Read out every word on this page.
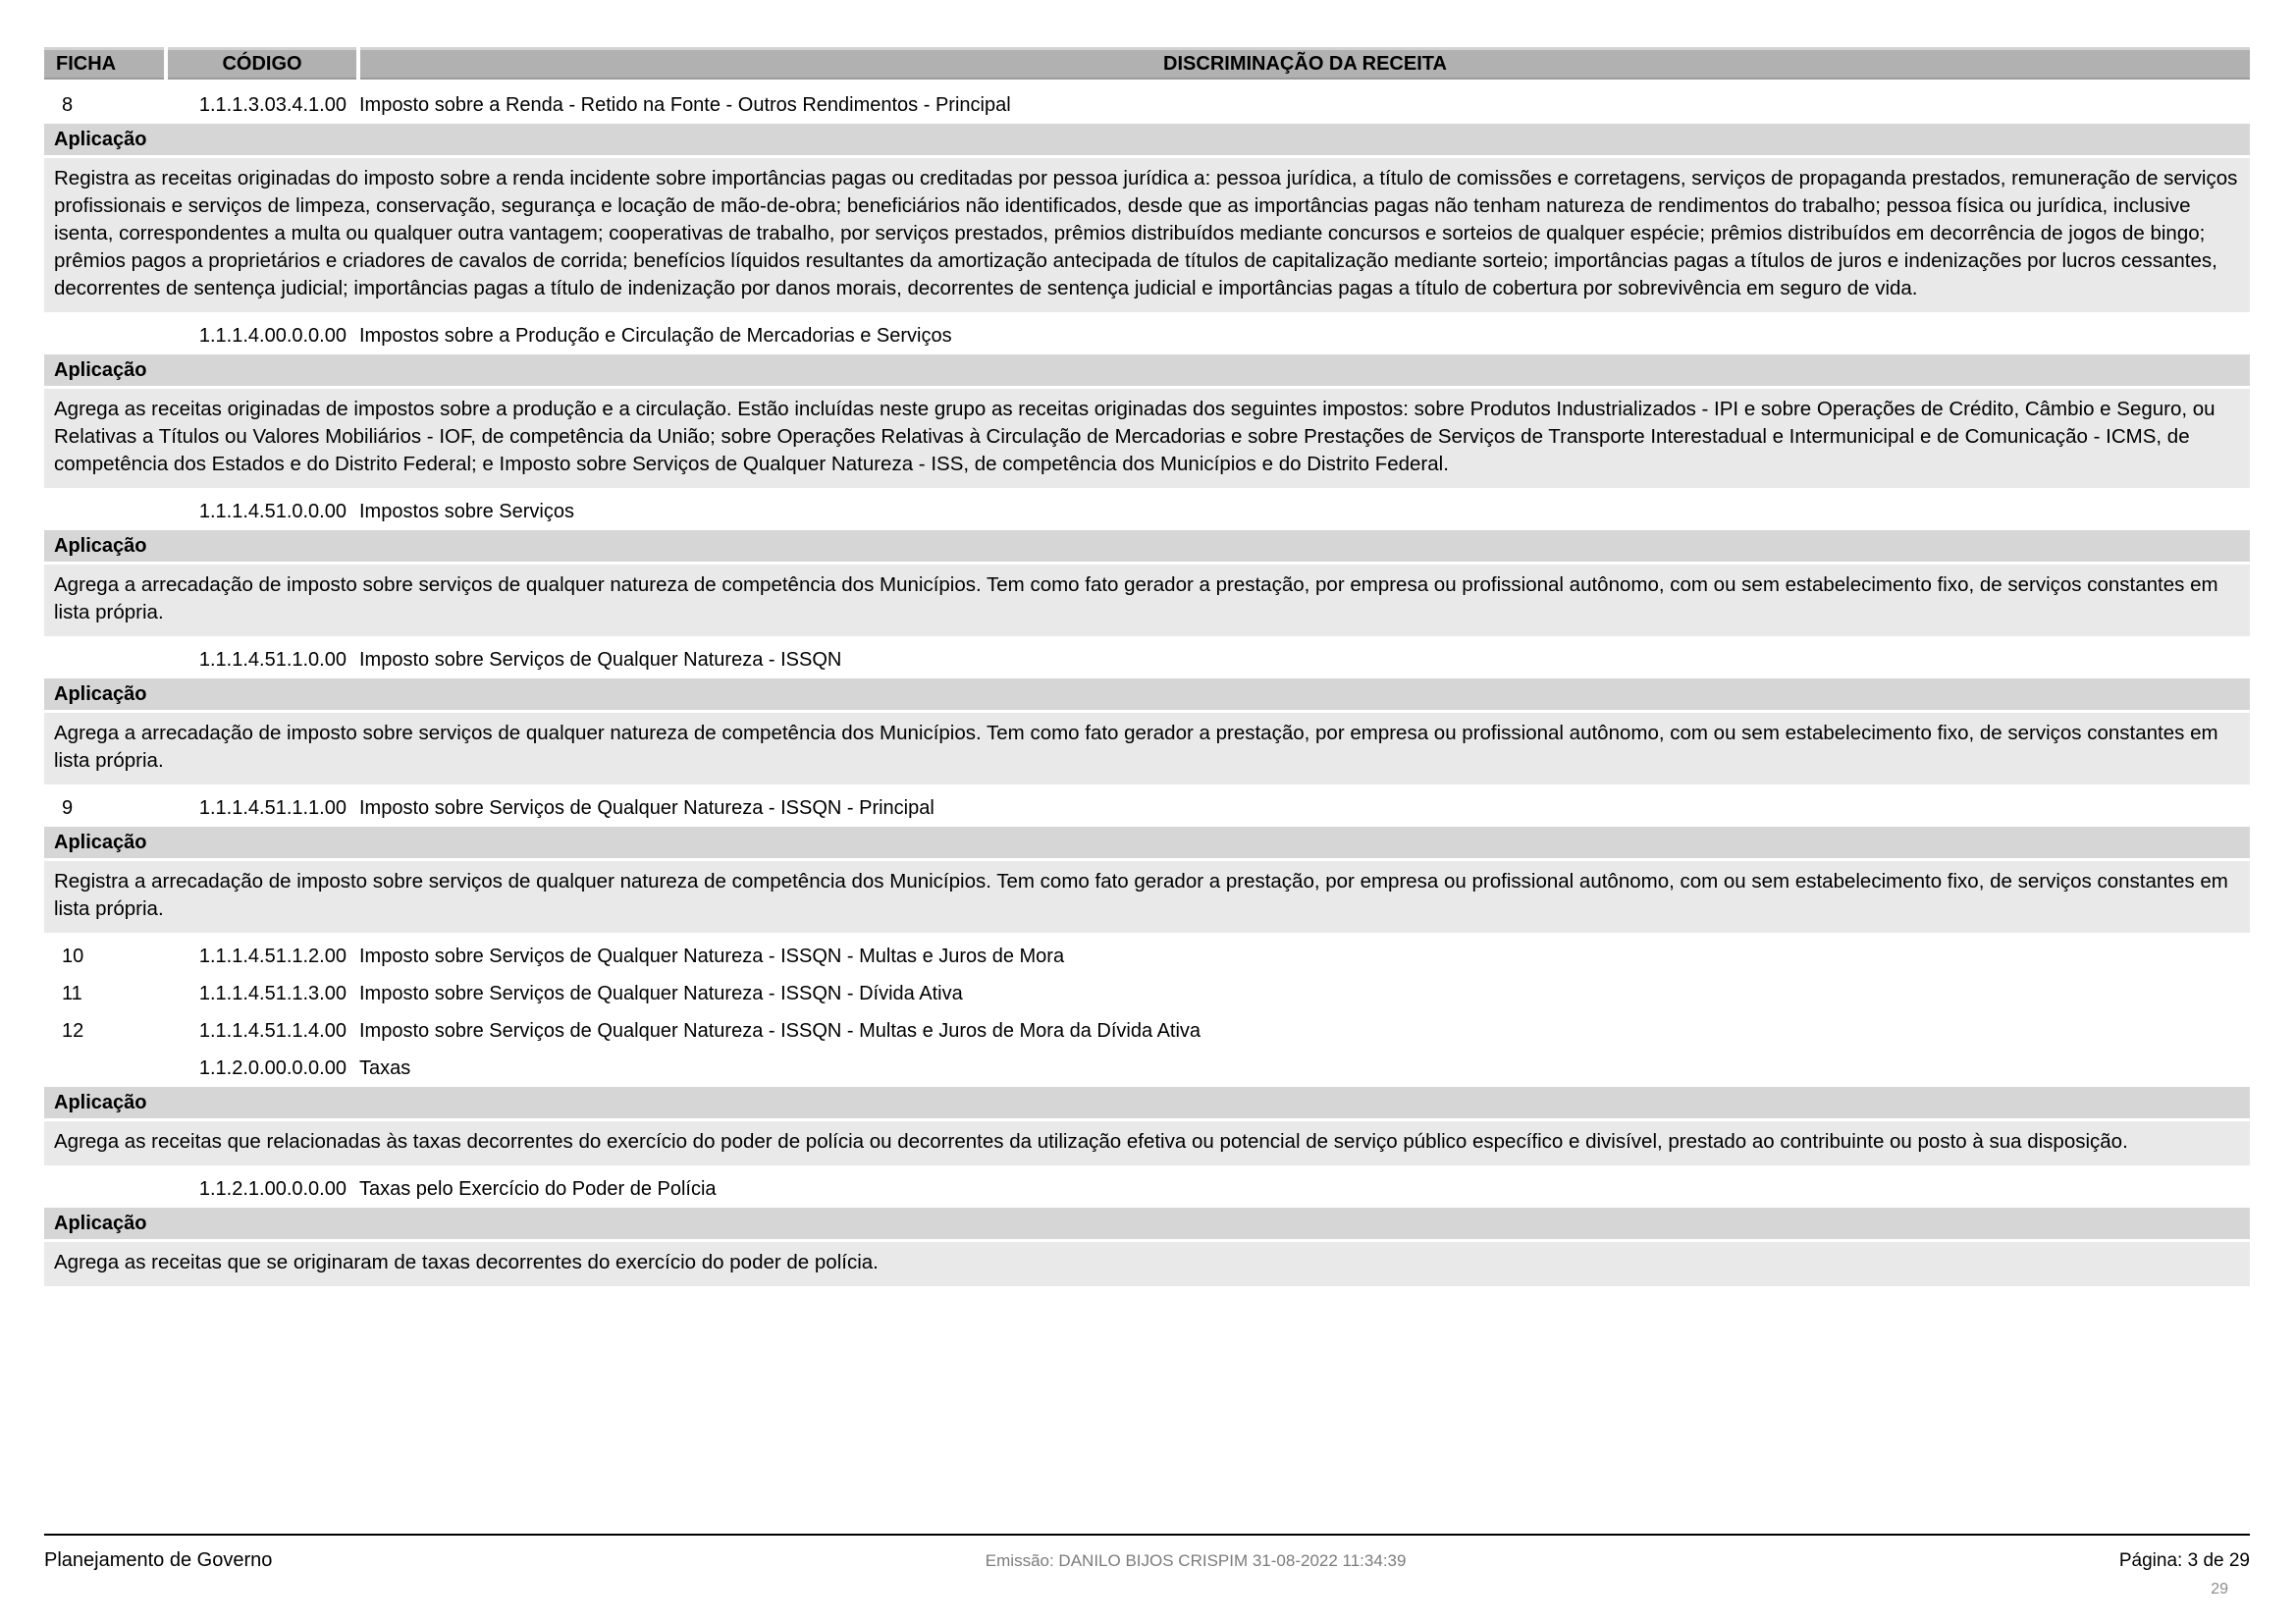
FICHA	CÓDIGO	DISCRIMINAÇÃO DA RECEITA
8	1.1.1.3.03.4.1.00 Imposto sobre a Renda - Retido na Fonte - Outros Rendimentos - Principal
Aplicação
Registra as receitas originadas do imposto sobre a renda incidente sobre importâncias pagas ou creditadas por pessoa jurídica a: pessoa jurídica, a título de comissões e corretagens, serviços de propaganda prestados, remuneração de serviços profissionais e serviços de limpeza, conservação, segurança e locação de mão-de-obra; beneficiários não identificados, desde que as importâncias pagas não tenham natureza de rendimentos do trabalho; pessoa física ou jurídica, inclusive isenta, correspondentes a multa ou qualquer outra vantagem; cooperativas de trabalho, por serviços prestados, prêmios distribuídos mediante concursos e sorteios de qualquer espécie; prêmios distribuídos em decorrência de jogos de bingo; prêmios pagos a proprietários e criadores de cavalos de corrida; benefícios líquidos resultantes da amortização antecipada de títulos de capitalização mediante sorteio; importâncias pagas a títulos de juros e indenizações por lucros cessantes, decorrentes de sentença judicial; importâncias pagas a título de indenização por danos morais, decorrentes de sentença judicial e importâncias pagas a título de cobertura por sobrevivência em seguro de vida.
1.1.1.4.00.0.0.00 Impostos sobre a Produção e Circulação de Mercadorias e Serviços
Aplicação
Agrega as receitas originadas de impostos sobre a produção e a circulação. Estão incluídas neste grupo as receitas originadas dos seguintes impostos: sobre Produtos Industrializados - IPI e sobre Operações de Crédito, Câmbio e Seguro, ou Relativas a Títulos ou Valores Mobiliários - IOF, de competência da União; sobre Operações Relativas à Circulação de Mercadorias e sobre Prestações de Serviços de Transporte Interestadual e Intermunicipal e de Comunicação - ICMS, de competência dos Estados e do Distrito Federal; e Imposto sobre Serviços de Qualquer Natureza - ISS, de competência dos Municípios e do Distrito Federal.
1.1.1.4.51.0.0.00 Impostos sobre Serviços
Aplicação
Agrega a arrecadação de imposto sobre serviços de qualquer natureza de competência dos Municípios. Tem como fato gerador a prestação, por empresa ou profissional autônomo, com ou sem estabelecimento fixo, de serviços constantes em lista própria.
1.1.1.4.51.1.0.00 Imposto sobre Serviços de Qualquer Natureza - ISSQN
Aplicação
Agrega a arrecadação de imposto sobre serviços de qualquer natureza de competência dos Municípios. Tem como fato gerador a prestação, por empresa ou profissional autônomo, com ou sem estabelecimento fixo, de serviços constantes em lista própria.
9	1.1.1.4.51.1.1.00 Imposto sobre Serviços de Qualquer Natureza - ISSQN - Principal
Aplicação
Registra a arrecadação de imposto sobre serviços de qualquer natureza de competência dos Municípios. Tem como fato gerador a prestação, por empresa ou profissional autônomo, com ou sem estabelecimento fixo, de serviços constantes em lista própria.
10	1.1.1.4.51.1.2.00 Imposto sobre Serviços de Qualquer Natureza - ISSQN - Multas e Juros de Mora
11	1.1.1.4.51.1.3.00 Imposto sobre Serviços de Qualquer Natureza - ISSQN - Dívida Ativa
12	1.1.1.4.51.1.4.00 Imposto sobre Serviços de Qualquer Natureza - ISSQN - Multas e Juros de Mora da Dívida Ativa
1.1.2.0.00.0.0.00 Taxas
Aplicação
Agrega as receitas que relacionadas às taxas decorrentes do exercício do poder de polícia ou decorrentes da utilização efetiva ou potencial de serviço público específico e divisível, prestado ao contribuinte ou posto à sua disposição.
1.1.2.1.00.0.0.00 Taxas pelo Exercício do Poder de Polícia
Aplicação
Agrega as receitas que se originaram de taxas decorrentes do exercício do poder de polícia.
Planejamento de Governo	Emissão: DANILO BIJOS CRISPIM 31-08-2022 11:34:39	Página: 3 de 29
29
